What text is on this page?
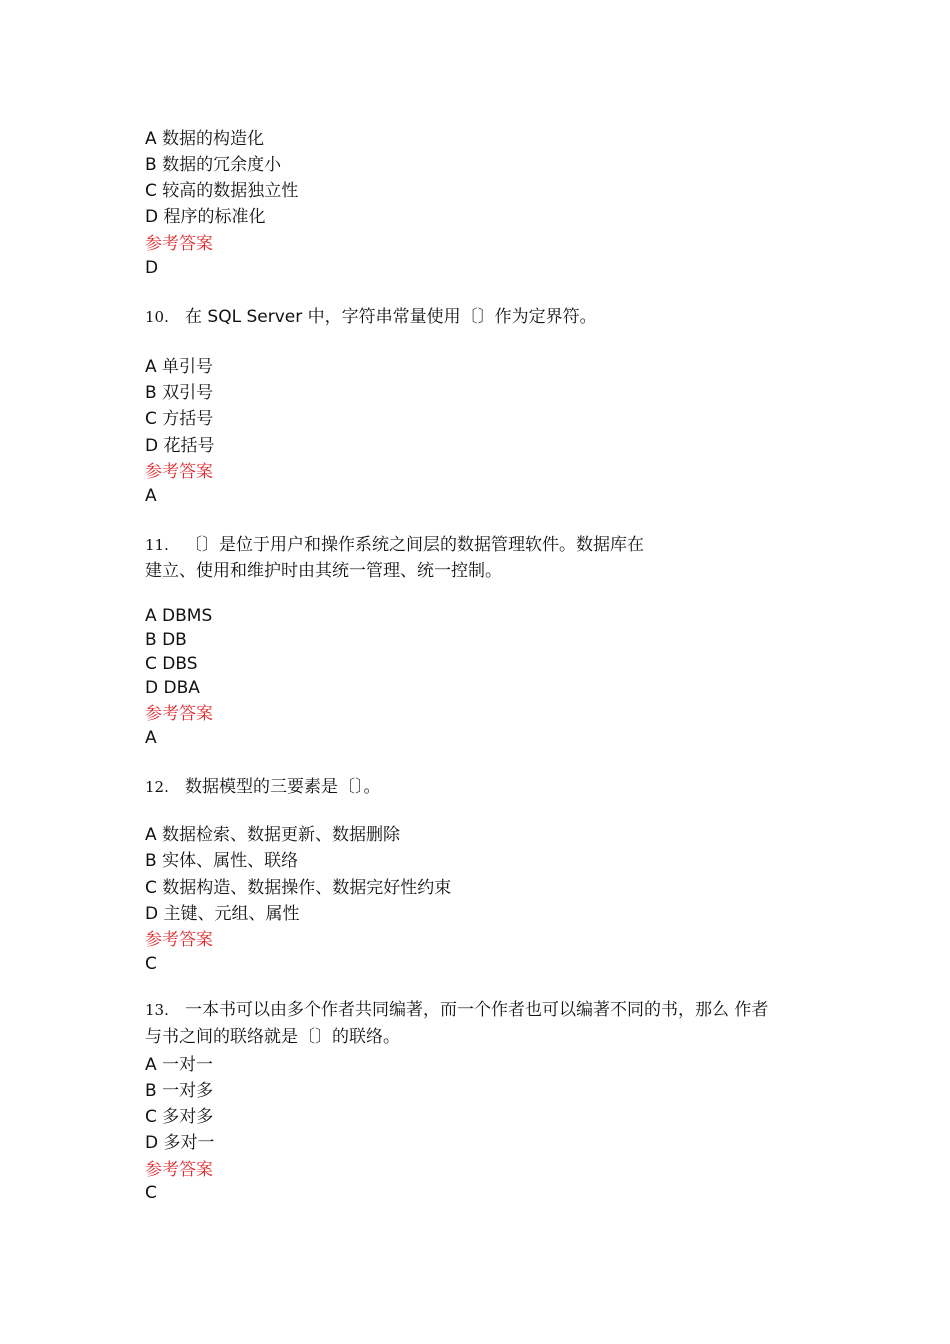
A 数据的构造化
B 数据的冗余度小
C 较高的数据独立性
D 程序的标准化
参考答案
D
10. 在 SQL Server 中，字符串常量使用〔〕作为定界符。
A 单引号
B 双引号
C 方括号
D 花括号
参考答案
A
11. 〔〕是位于用户和操作系统之间层的数据管理软件。数据库在
建立、使用和维护时由其统一管理、统一控制。
A DBMS
B DB
C DBS
D DBA
参考答案
A
12. 数据模型的三要素是〔〕。
A 数据检索、数据更新、数据删除
B 实体、属性、联络
C 数据构造、数据操作、数据完好性约束
D 主键、元组、属性
参考答案
C
13. 一本书可以由多个作者共同编著，而一个作者也可以编著不同的书，那么 作者
与书之间的联络就是〔〕的联络。
A 一对一
B 一对多
C 多对多
D 多对一
参考答案
C
